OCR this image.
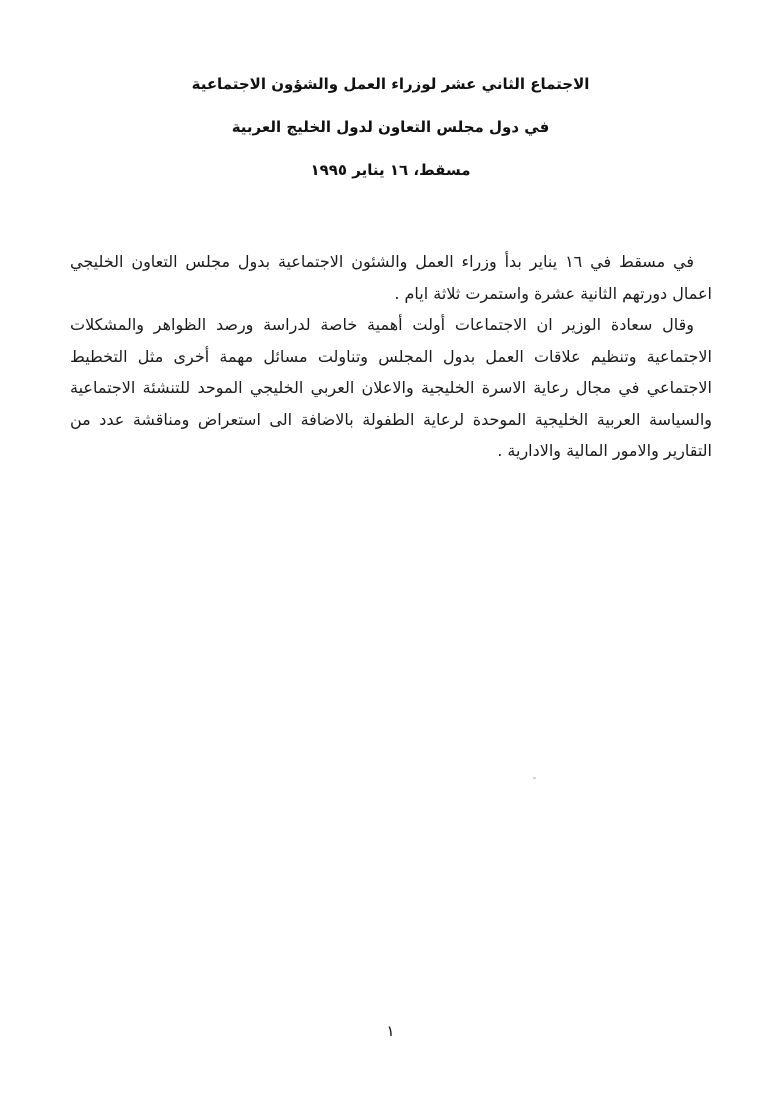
الاجتماع الثاني عشر لوزراء العمل والشؤون الاجتماعية
في دول مجلس التعاون لدول الخليج العربية
مسقط، ١٦ يناير ١٩٩٥
في مسقط في ١٦ يناير بدأ وزراء العمل والشئون الاجتماعية بدول مجلس التعاون الخليجي
اعمال دورتهم الثانية عشرة واستمرت ثلاثة ايام .
وقال سعادة الوزير ان الاجتماعات أولت أهمية خاصة لدراسة ورصد الظواهر والمشكلات
الاجتماعية وتنظيم علاقات العمل بدول المجلس وتناولت مسائل مهمة أخرى مثل التخطيط
الاجتماعي في مجال رعاية الاسرة الخليجية والاعلان العربي الخليجي الموحد للتنشئة الاجتماعية
والسياسة العربية الخليجية الموحدة لرعاية الطفولة بالاضافة الى استعراض ومناقشة عدد من
التقارير والامور المالية والادارية .
١
